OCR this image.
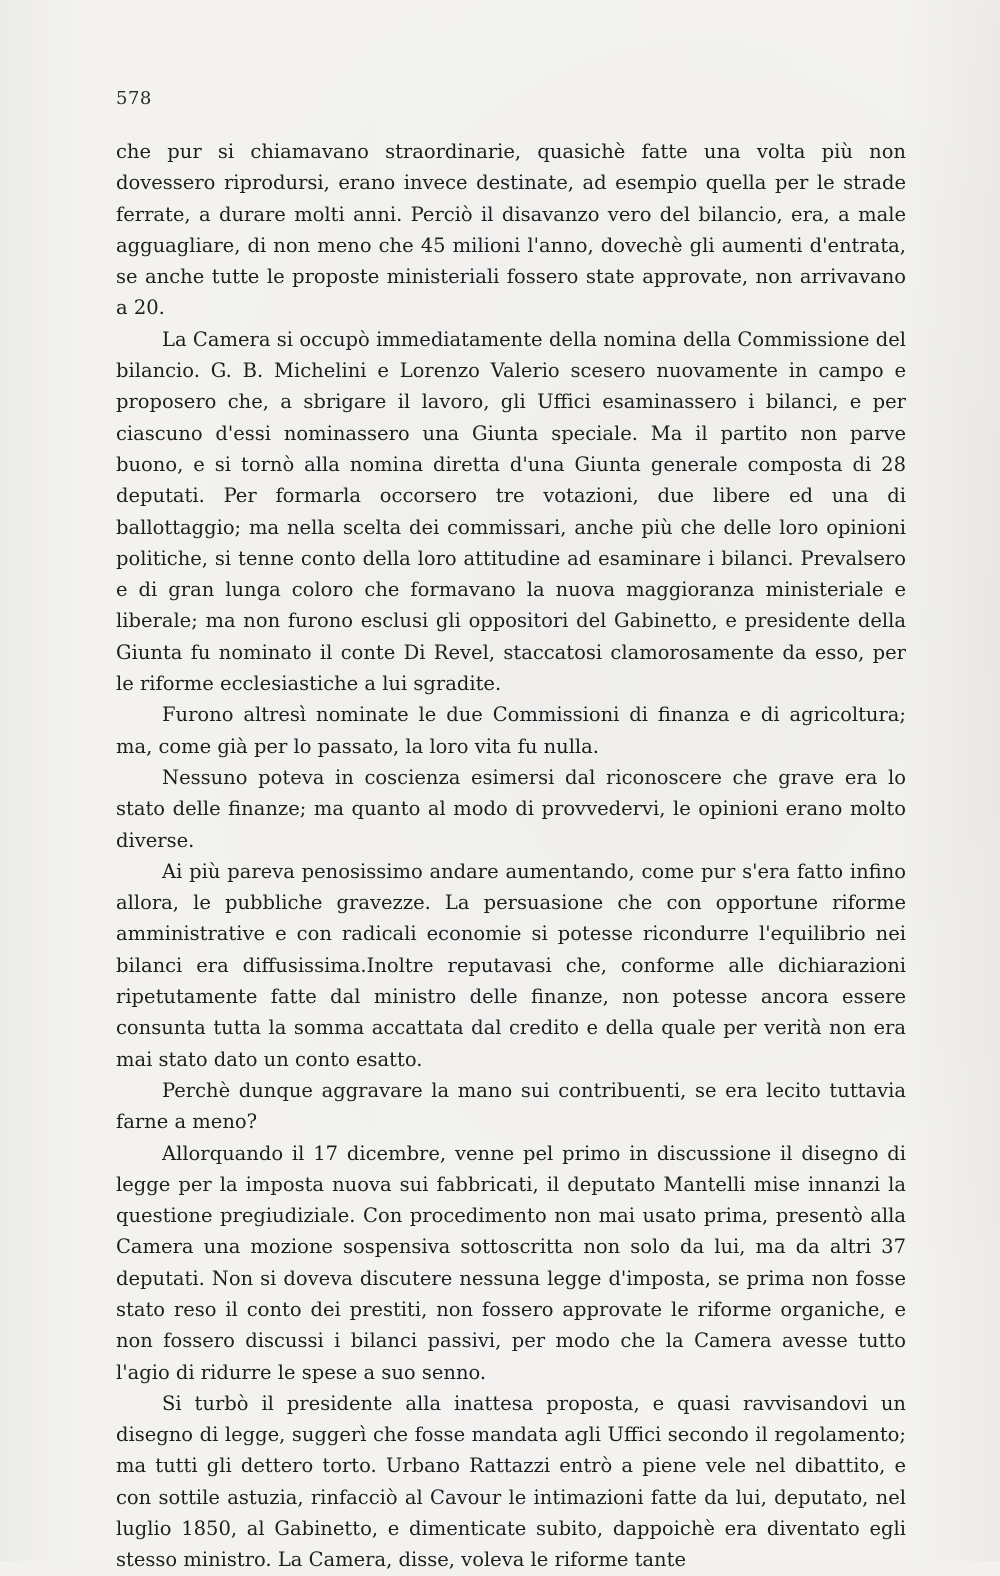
578

che pur si chiamavano straordinarie, quasichè fatte una volta più non dovessero riprodursi, erano invece destinate, ad esempio quella per le strade ferrate, a durare molti anni. Perciò il disavanzo vero del bilancio, era, a male agguagliare, di non meno che 45 milioni l'anno, dovechè gli aumenti d'entrata, se anche tutte le proposte ministeriali fossero state approvate, non arrivavano a 20.

La Camera si occupò immediatamente della nomina della Commissione del bilancio. G. B. Michelini e Lorenzo Valerio scesero nuovamente in campo e proposero che, a sbrigare il lavoro, gli Uffici esaminassero i bilanci, e per ciascuno d'essi nominassero una Giunta speciale. Ma il partito non parve buono, e si tornò alla nomina diretta d'una Giunta generale composta di 28 deputati. Per formarla occorsero tre votazioni, due libere ed una di ballottaggio; ma nella scelta dei commissari, anche più che delle loro opinioni politiche, si tenne conto della loro attitudine ad esaminare i bilanci. Prevalsero e di gran lunga coloro che formavano la nuova maggioranza ministeriale e liberale; ma non furono esclusi gli oppositori del Gabinetto, e presidente della Giunta fu nominato il conte Di Revel, staccatosi clamorosamente da esso, per le riforme ecclesiastiche a lui sgradite.

Furono altresì nominate le due Commissioni di finanza e di agricoltura; ma, come già per lo passato, la loro vita fu nulla.

Nessuno poteva in coscienza esimersi dal riconoscere che grave era lo stato delle finanze; ma quanto al modo di provvedervi, le opinioni erano molto diverse.

Ai più pareva penosissimo andare aumentando, come pur s'era fatto infino allora, le pubbliche gravezze. La persuasione che con opportune riforme amministrative e con radicali economie si potesse ricondurre l'equilibrio nei bilanci era diffusissima.Inoltre reputavasi che, conforme alle dichiarazioni ripetutamente fatte dal ministro delle finanze, non potesse ancora essere consunta tutta la somma accattata dal credito e della quale per verità non era mai stato dato un conto esatto.

Perchè dunque aggravare la mano sui contribuenti, se era lecito tuttavia farne a meno?

Allorquando il 17 dicembre, venne pel primo in discussione il disegno di legge per la imposta nuova sui fabbricati, il deputato Mantelli mise innanzi la questione pregiudiziale. Con procedimento non mai usato prima, presentò alla Camera una mozione sospensiva sottoscritta non solo da lui, ma da altri 37 deputati. Non si doveva discutere nessuna legge d'imposta, se prima non fosse stato reso il conto dei prestiti, non fossero approvate le riforme organiche, e non fossero discussi i bilanci passivi, per modo che la Camera avesse tutto l'agio di ridurre le spese a suo senno.

Si turbò il presidente alla inattesa proposta, e quasi ravvisandovi un disegno di legge, suggerì che fosse mandata agli Uffici secondo il regolamento; ma tutti gli dettero torto. Urbano Rattazzi entrò a piene vele nel dibattito, e con sottile astuzia, rinfacciò al Cavour le intimazioni fatte da lui, deputato, nel luglio 1850, al Gabinetto, e dimenticate subito, dappoichè era diventato egli stesso ministro. La Camera, disse, voleva le riforme tante
